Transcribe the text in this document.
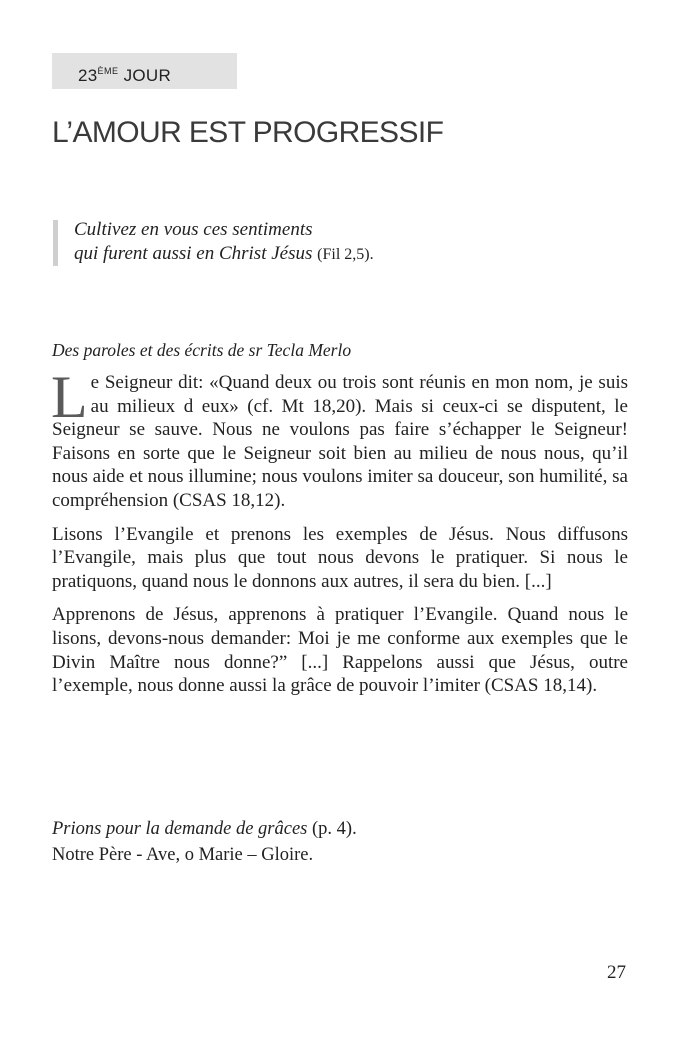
23ÈME JOUR
L’AMOUR EST PROGRESSIF
Cultivez en vous ces sentiments
qui furent aussi en Christ Jésus (Fil 2,5).
Des paroles et des écrits de sr Tecla Merlo

Le Seigneur dit: «Quand deux ou trois sont réunis en mon nom, je suis au milieux d eux» (cf. Mt 18,20). Mais si ceux-ci se disputent, le Seigneur se sauve. Nous ne voulons pas faire s’échapper le Seigneur! Faisons en sorte que le Seigneur soit bien au milieu de nous nous, qu’il nous aide et nous illumine; nous voulons imiter sa douceur, son humilité, sa compréhension (CSAS 18,12).

Lisons l’Evangile et prenons les exemples de Jésus. Nous diffusons l’Evangile, mais plus que tout nous devons le pratiquer. Si nous le pratiquons, quand nous le donnons aux autres, il sera du bien. [...]

Apprenons de Jésus, apprenons à pratiquer l’Evangile. Quand nous le lisons, devons-nous demander: Moi je me conforme aux exemples que le Divin Maître nous donne?” [...] Rappelons aussi que Jésus, outre l’exemple, nous donne aussi la grâce de pouvoir l’imiter (CSAS 18,14).

Prions pour la demande de grâces (p. 4).
Notre Père - Ave, o Marie – Gloire.
27
